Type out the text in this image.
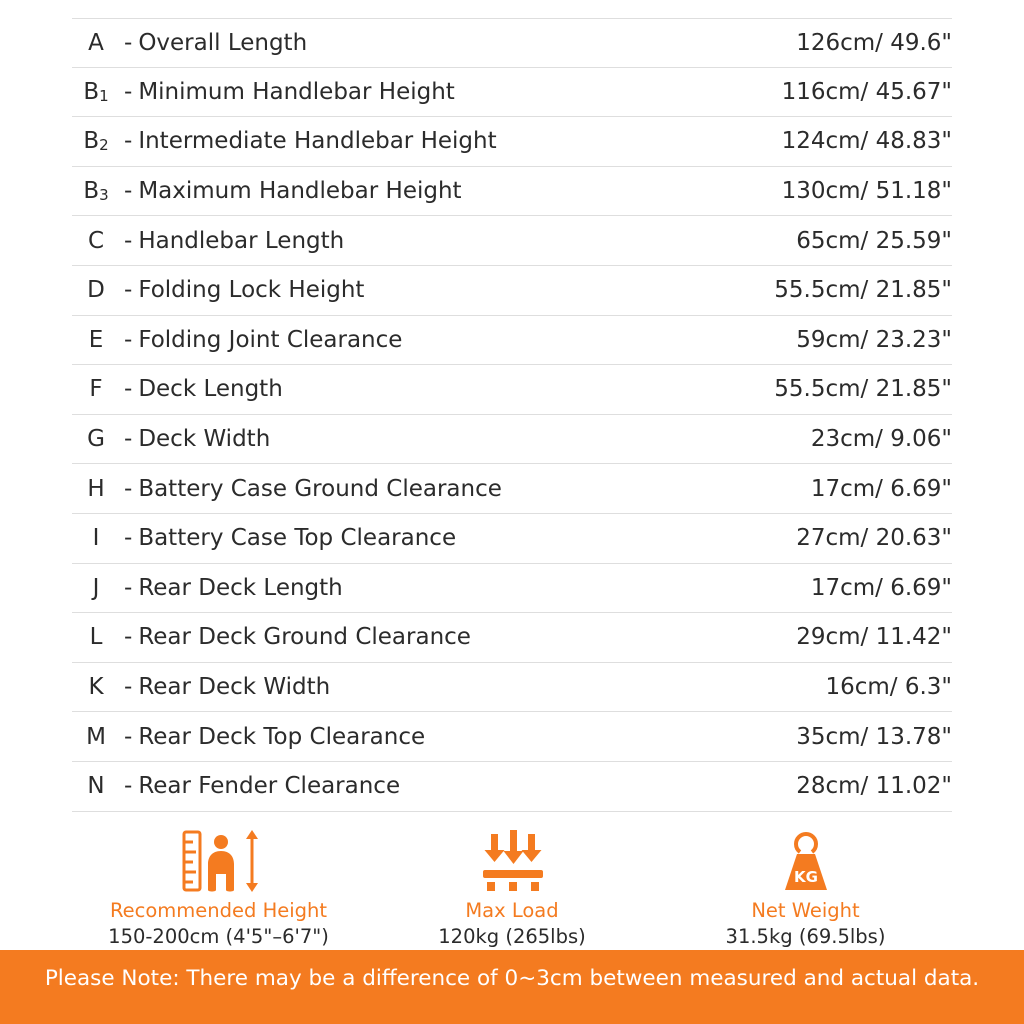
A - Overall Length	126cm/ 49.6"
B1 - Minimum Handlebar Height	116cm/ 45.67"
B2 - Intermediate Handlebar Height	124cm/ 48.83"
B3 - Maximum Handlebar Height	130cm/ 51.18"
C - Handlebar Length	65cm/ 25.59"
D - Folding Lock Height	55.5cm/ 21.85"
E - Folding Joint Clearance	59cm/ 23.23"
F - Deck Length	55.5cm/ 21.85"
G - Deck Width	23cm/ 9.06"
H - Battery Case Ground Clearance	17cm/ 6.69"
I	- Battery Case Top Clearance	27cm/ 20.63"
J	- Rear Deck Length	17cm/ 6.69"
L - Rear Deck Ground Clearance	29cm/ 11.42"
K - Rear Deck Width	16cm/ 6.3"
M - Rear Deck Top Clearance	35cm/ 13.78"
N - Rear Fender Clearance	28cm/ 11.02"
Recommended Height
150-200cm (4'5"–6'7")
Max Load
120kg (265lbs)
KG
Net Weight
31.5kg (69.5lbs)
Please Note: There may be a difference of 0~3cm between measured and actual data.
